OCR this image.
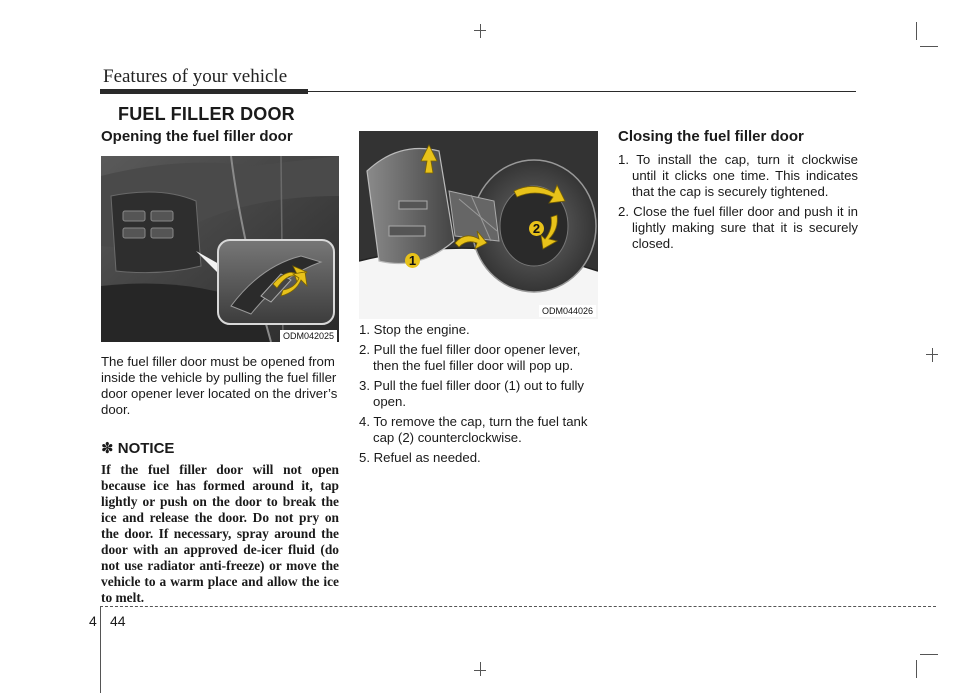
Features of your vehicle
FUEL FILLER DOOR
Opening the fuel filler door
ODM042025

The fuel filler door must be opened from inside the vehicle by pulling the fuel filler door opener lever located on the driver’s door.

✽ NOTICE
If the fuel filler door will not open because ice has formed around it, tap lightly or push on the door to break the ice and release the door. Do not pry on the door. If necessary, spray around the door with an approved de-icer fluid (do not use radiator anti-freeze) or move the vehicle to a warm place and allow the ice to melt.
1
2
ODM044026
1. Stop the engine.
2. Pull the fuel filler door opener lever, then the fuel filler door will pop up.
3. Pull the fuel filler door (1) out to fully open.
4. To remove the cap, turn the fuel tank cap (2) counterclockwise.
5. Refuel as needed.
Closing the fuel filler door
1. To install the cap, turn it clockwise until it clicks one time. This indicates that the cap is securely tightened.
2. Close the fuel filler door and push it in lightly making sure that it is securely closed.
4 44
